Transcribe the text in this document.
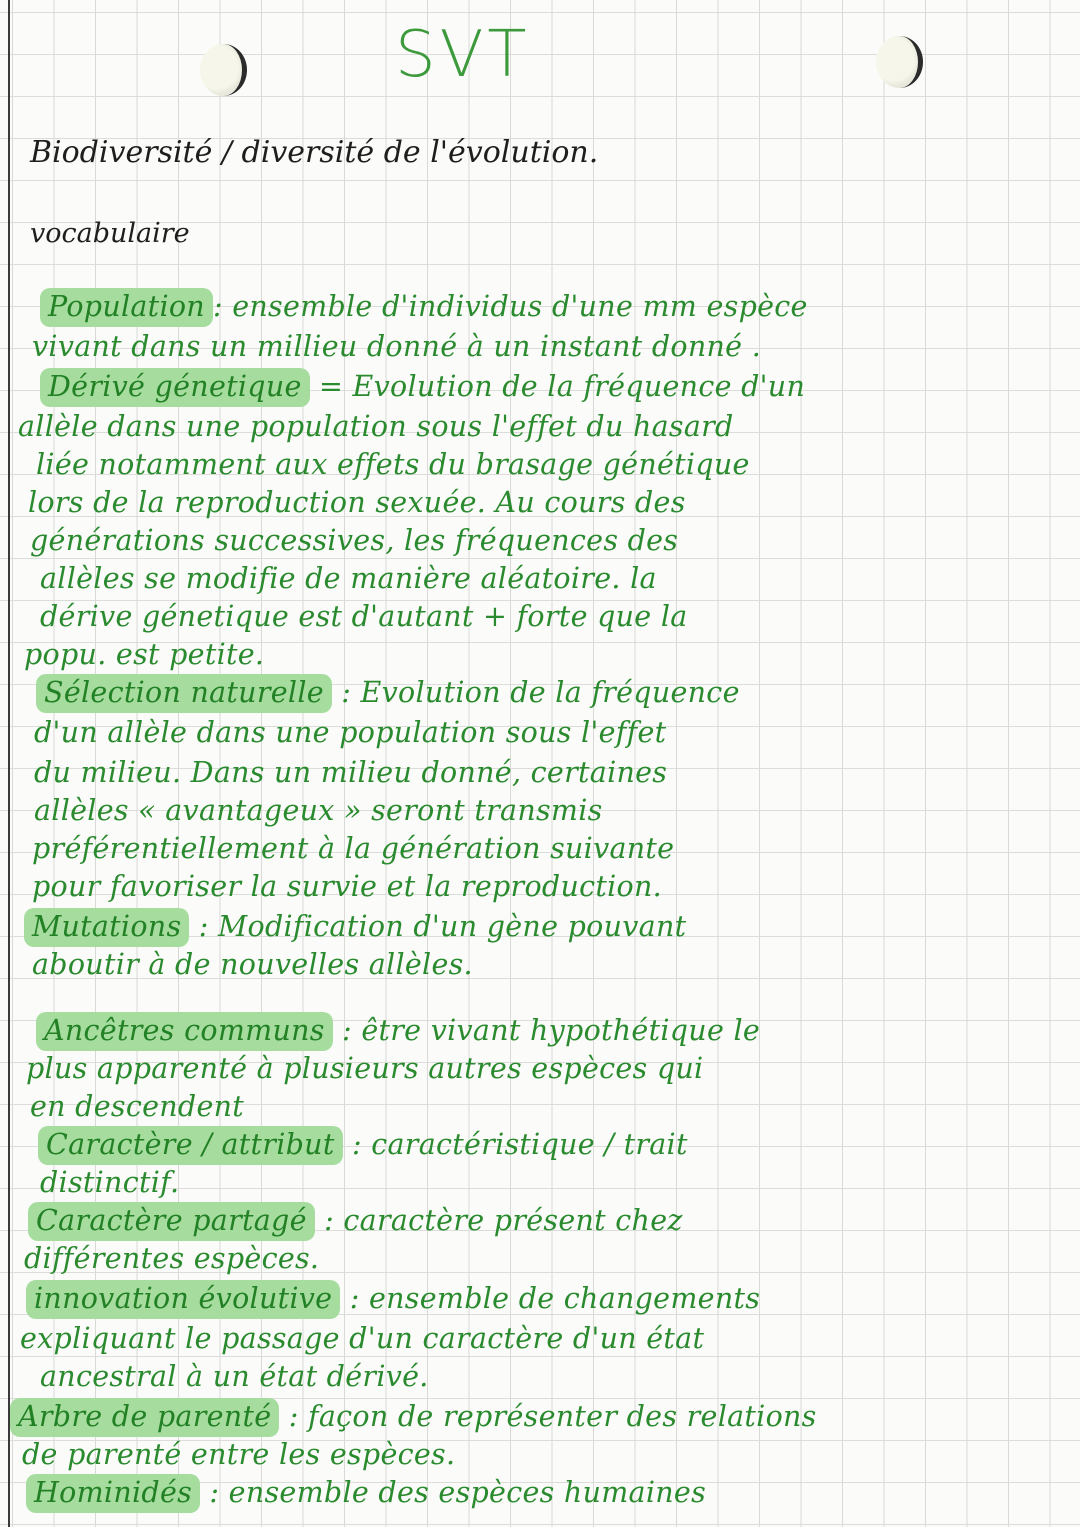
SVT
Biodiversité / diversité de l'évolution.
vocabulaire
Population : ensemble d'individus d'une mm espèce
vivant dans un millieu donné à un instant donné .
Dérivé génetique = Evolution de la fréquence d'un
allèle dans une population sous l'effet du hasard
liée notamment aux effets du brasage génétique
lors de la reproduction sexuée. Au cours des
générations successives, les fréquences des
allèles se modifie de manière aléatoire. la
dérive génetique est d'autant + forte que la
popu. est petite.
Sélection naturelle : Evolution de la fréquence
d'un allèle dans une population sous l'effet
du milieu. Dans un milieu donné, certaines
allèles « avantageux » seront transmis
préférentiellement à la génération suivante
pour favoriser la survie et la reproduction.
Mutations : Modification d'un gène pouvant
aboutir à de nouvelles allèles.
Ancêtres communs : être vivant hypothétique le
plus apparenté à plusieurs autres espèces qui
en descendent
Caractère / attribut : caractéristique / trait
distinctif.
Caractère partagé : caractère présent chez
différentes espèces.
innovation évolutive : ensemble de changements
expliquant le passage d'un caractère d'un état
ancestral à un état dérivé.
Arbre de parenté : façon de représenter des relations
de parenté entre les espèces.
Hominidés : ensemble des espèces humaines
